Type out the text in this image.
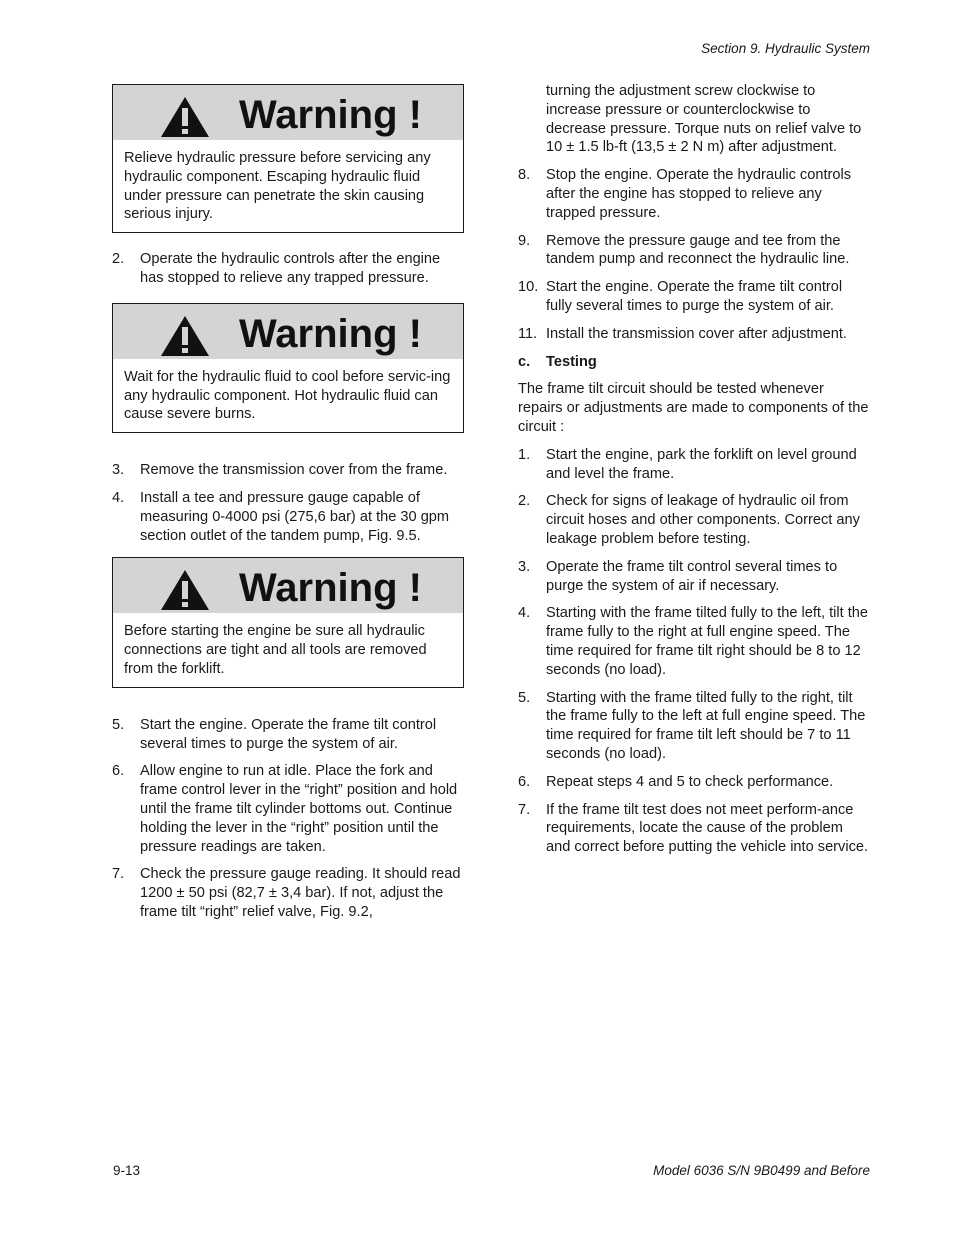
Section 9. Hydraulic System
Warning !
Relieve hydraulic pressure before servicing any hydraulic component. Escaping hydraulic fluid under pressure can penetrate the skin causing serious injury.
2.	Operate the hydraulic controls after the engine has stopped to relieve any trapped pressure.
Warning !
Wait for the hydraulic fluid to cool before servic-ing any hydraulic component. Hot hydraulic fluid can cause severe burns.
3.	Remove the transmission cover from the frame.
4.	Install a tee and pressure gauge capable of measuring 0-4000 psi (275,6 bar) at the 30 gpm section outlet of the tandem pump, Fig. 9.5.
Warning !
Before starting the engine be sure all hydraulic connections are tight and all tools are removed from the forklift.
5.	Start the engine. Operate the frame tilt control several times to purge the system of air.
6.	Allow engine to run at idle. Place the fork and frame control lever in the “right” position and hold until the frame tilt cylinder bottoms out. Continue holding the lever in the “right” position until the pressure readings are taken.
7.	Check the pressure gauge reading. It should read 1200 ± 50 psi (82,7 ± 3,4 bar). If not, adjust the frame tilt “right” relief valve, Fig. 9.2,
turning the adjustment screw clockwise to increase pressure or counterclockwise to decrease pressure. Torque nuts on relief valve to 10 ± 1.5 lb-ft (13,5 ± 2 N m) after adjustment.
8.	Stop the engine. Operate the hydraulic controls after the engine has stopped to relieve any trapped pressure.
9.	Remove the pressure gauge and tee from the tandem pump and reconnect the hydraulic line.
10. Start the engine. Operate the frame tilt control fully several times to purge the system of air.
11. Install the transmission cover after adjustment.
c.	Testing
The frame tilt circuit should be tested whenever repairs or adjustments are made to components of the circuit :
1.	Start the engine, park the forklift on level ground and level the frame.
2.	Check for signs of leakage of hydraulic oil from circuit hoses and other components. Correct any leakage problem before testing.
3.	Operate the frame tilt control several times to purge the system of air if necessary.
4.	Starting with the frame tilted fully to the left, tilt the frame fully to the right at full engine speed. The time required for frame tilt right should be 8 to 12 seconds (no load).
5.	Starting with the frame tilted fully to the right, tilt the frame fully to the left at full engine speed. The time required for frame tilt left should be 7 to 11 seconds (no load).
6.	Repeat steps 4 and 5 to check performance.
7.	If the frame tilt test does not meet perform-ance requirements, locate the cause of the problem and correct before putting the vehicle into service.
9-13	Model 6036 S/N 9B0499 and Before
